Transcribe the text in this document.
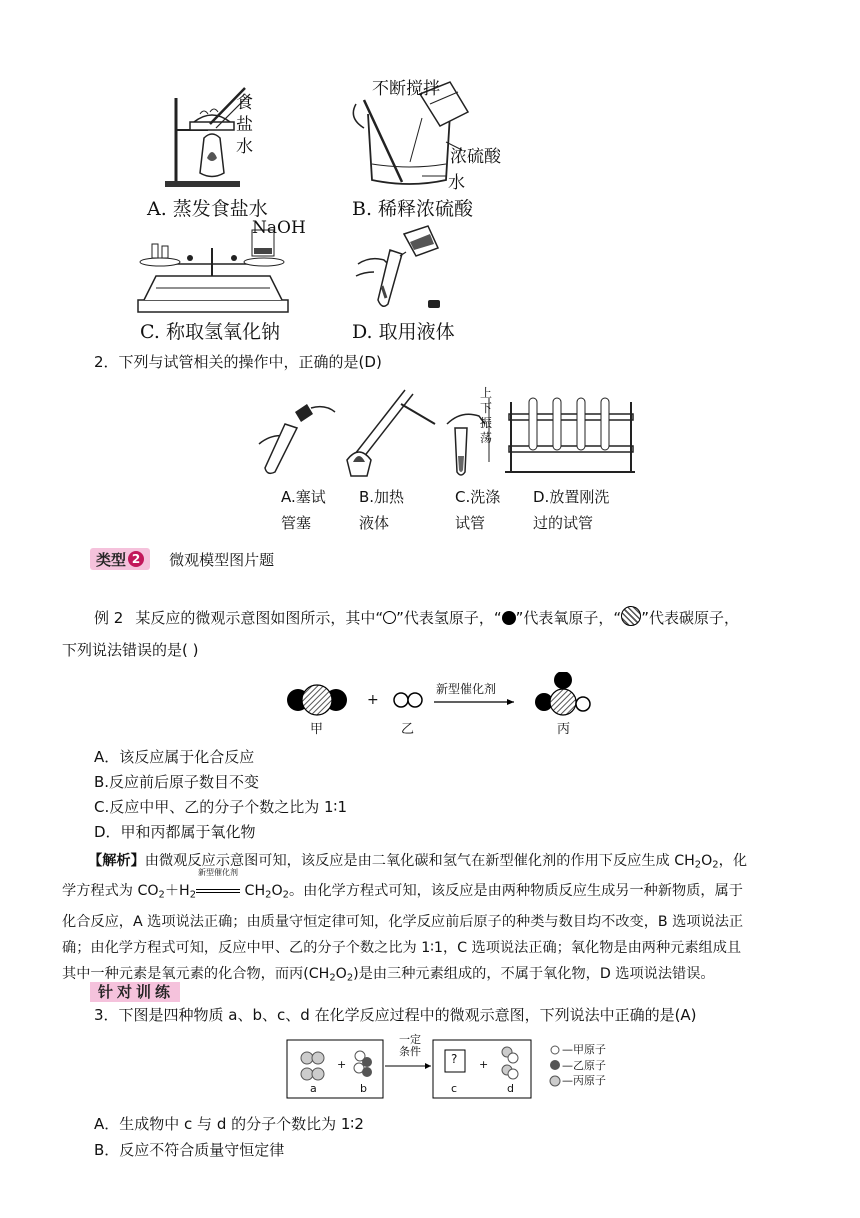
食
盐
水
A. 蒸发食盐水
不断搅拌
浓硫酸
水
B. 稀释浓硫酸
NaOH
C. 称取氢氧化钠	D. 取用液体
2．下列与试管相关的操作中，正确的是(D)
上
下
振
荡
A.塞试
管塞
B.加热
液体
C.洗涤
试管
D.放置刚洗
过的试管
类型 2 微观模型图片题
例 2 某反应的微观示意图如图所示，其中“ ”代表氢原子，“ ”代表氧原子，“ ”代表碳原子，
下列说法错误的是( )
+
新型催化剂
甲	乙	丙
A．该反应属于化合反应
B.反应前后原子数目不变
C.反应中甲、乙的分子个数之比为 1∶1
D．甲和丙都属于氧化物
【解析】由微观反应示意图可知，该反应是由二氧化碳和氢气在新型催化剂的作用下反应生成 $CH_2O_2$，化
学方程式为 $CO_2+H_2$
新型催化剂
$CH_2O_2$。由化学方程式可知，该反应是由两种物质反应生成另一种新物质，属于
化合反应，A 选项说法正确；由质量守恒定律可知，化学反应前后原子的种类与数目均不改变，B 选项说法正
确；由化学方程式可知，反应中甲、乙的分子个数之比为 1∶1，C 选项说法正确；氧化物是由两种元素组成且
其中一种元素是氧元素的化合物，而丙$(CH_2O_2)$是由三种元素组成的，不属于氧化物，D 选项说法错误。
针对训练
3．下图是四种物质 a、b、c、d 在化学反应过程中的微观示意图，下列说法中正确的是(A)
+	+
一定
条件
?
a	b	c	d
—甲原子
—乙原子
—丙原子
A．生成物中 c 与 d 的分子个数比为 1∶2
B．反应不符合质量守恒定律
